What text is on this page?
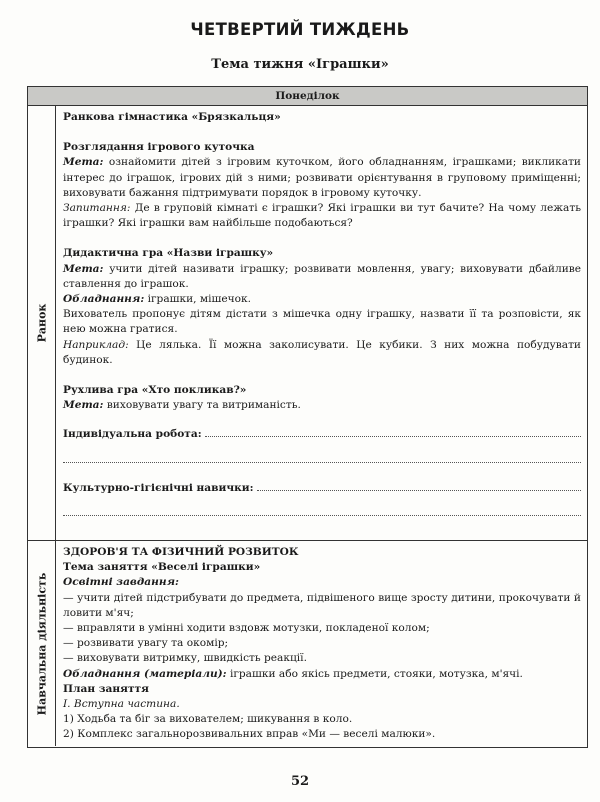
ЧЕТВЕРТИЙ ТИЖДЕНЬ
Тема тижня «Іграшки»
Понеділок
Ранок

Ранкова гімнастика «Брязкальця»

Розглядання ігрового куточка

Мета: ознайомити дітей з ігровим куточком, його обладнанням, іграшками; викликати інтерес до іграшок, ігрових дій з ними; розвивати орієнтування в груповому приміщенні; виховувати бажання підтримувати порядок в ігровому куточку.

Запитання: Де в груповій кімнаті є іграшки? Які іграшки ви тут бачите? На чому лежать іграшки? Які іграшки вам найбільше подобаються?

Дидактична гра «Назви іграшку»

Мета: учити дітей називати іграшку; розвивати мовлення, увагу; виховувати дбайливе ставлення до іграшок.

Обладнання: іграшки, мішечок.

Вихователь пропонує дітям дістати з мішечка одну іграшку, назвати її та розповісти, як нею можна гратися.

Наприклад: Це лялька. Її можна заколисувати. Це кубики. З них можна побудувати будинок.

Рухлива гра «Хто покликав?»

Мета: виховувати увагу та витриманість.

Індивідуальна робота:
Культурно-гігієнічні навички:
Навчальна діяльність

ЗДОРОВ'Я ТА ФІЗИЧНИЙ РОЗВИТОК

Тема заняття «Веселі іграшки»

Освітні завдання:

— учити дітей підстрибувати до предмета, підвішеного вище зросту дитини, прокочувати й ловити м'яч;

— вправляти в умінні ходити вздовж мотузки, покладеної колом;

— розвивати увагу та окомір;

— виховувати витримку, швидкість реакції.

Обладнання (матеріали): іграшки або якісь предмети, стояки, мотузка, м'ячі.

План заняття

І. Вступна частина.

1) Ходьба та біг за вихователем; шикування в коло.

2) Комплекс загальнорозвивальних вправ «Ми — веселі малюки».

52
